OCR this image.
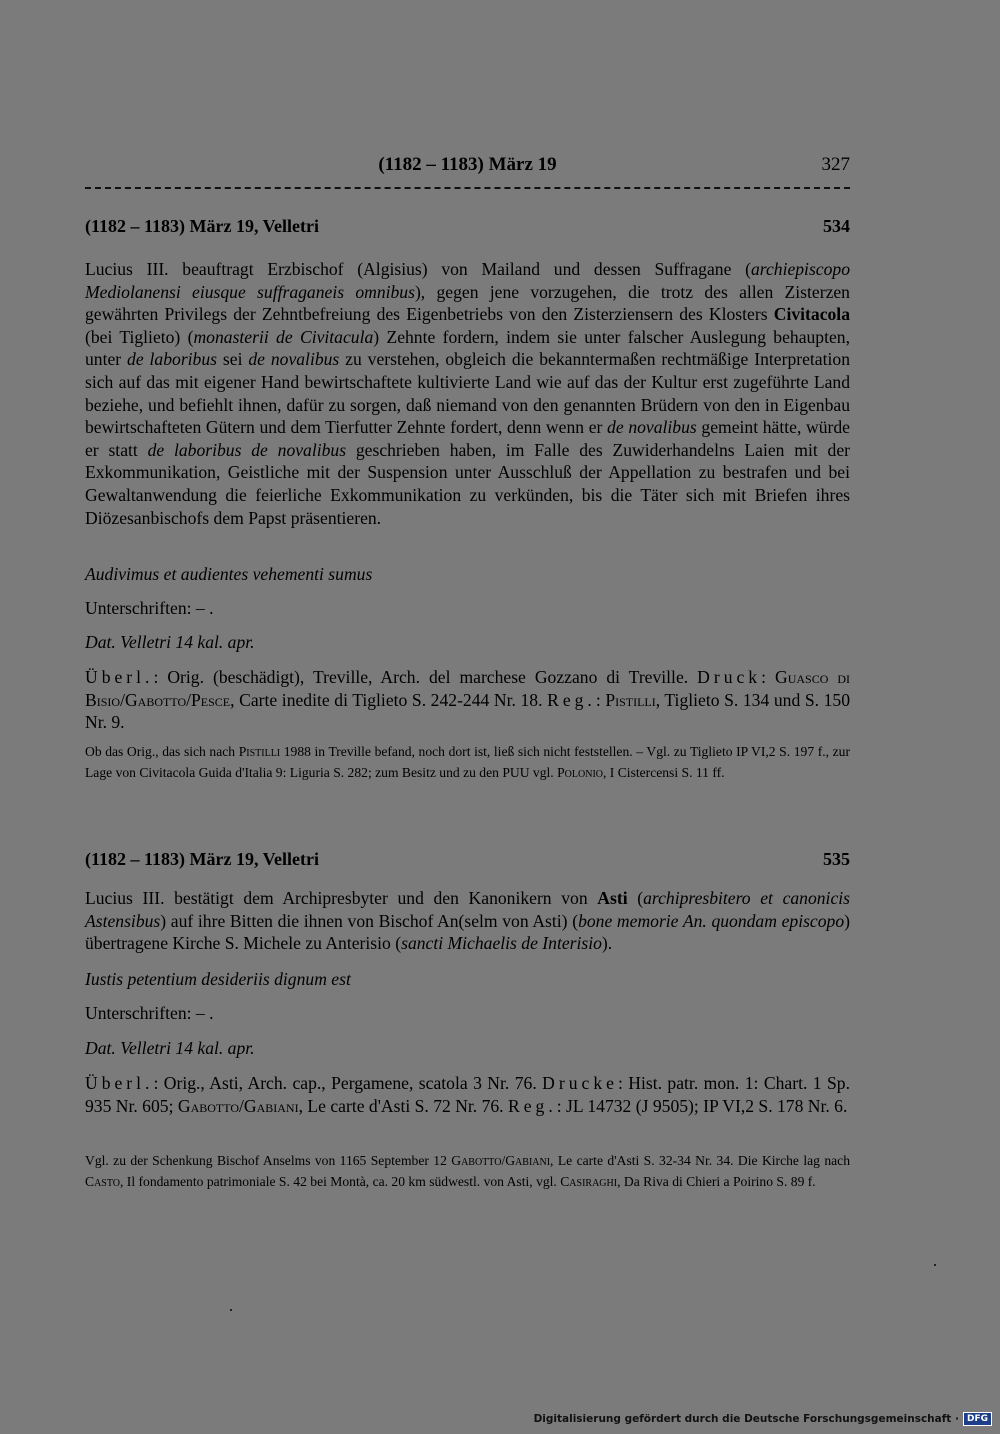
(1182 – 1183) März 19	327
(1182 – 1183) März 19, Velletri	534

Lucius III. beauftragt Erzbischof (Algisius) von Mailand und dessen Suffragane (archiepiscopo Mediolanensi eiusque suffraganeis omnibus), gegen jene vorzugehen, die trotz des allen Zisterzen gewährten Privilegs der Zehntbefreiung des Eigenbetriebs von den Zisterziensern des Klosters Civitacola (bei Tiglieto) (monasterii de Civitacula) Zehnte fordern, indem sie unter falscher Auslegung behaupten, unter de laboribus sei de novalibus zu verstehen, obgleich die bekanntermaßen rechtmäßige Interpretation sich auf das mit eigener Hand bewirtschaftete kultivierte Land wie auf das der Kultur erst zugeführte Land beziehe, und befiehlt ihnen, dafür zu sorgen, daß niemand von den genannten Brüdern von den in Eigenbau bewirtschafteten Gütern und dem Tierfutter Zehnte fordert, denn wenn er de novalibus gemeint hätte, würde er statt de laboribus de novalibus geschrieben haben, im Falle des Zuwiderhandelns Laien mit der Exkommunikation, Geistliche mit der Suspension unter Ausschluß der Appellation zu bestrafen und bei Gewaltanwendung die feierliche Exkommunikation zu verkünden, bis die Täter sich mit Briefen ihres Diözesanbischofs dem Papst präsentieren.

Audivimus et audientes vehementi sumus

Unterschriften: – .

Dat. Velletri 14 kal. apr.

Überl.: Orig. (beschädigt), Treville, Arch. del marchese Gozzano di Treville. Druck: Guasco di Bisio/Gabotto/Pesce, Carte inedite di Tiglieto S. 242-244 Nr. 18. Reg.: Pistilli, Tiglieto S. 134 und S. 150 Nr. 9.

Ob das Orig., das sich nach Pistilli 1988 in Treville befand, noch dort ist, ließ sich nicht feststellen. – Vgl. zu Tiglieto IP VI,2 S. 197 f., zur Lage von Civitacola Guida d'Italia 9: Liguria S. 282; zum Besitz und zu den PUU vgl. Polonio, I Cistercensi S. 11 ff.

(1182 – 1183) März 19, Velletri	535

Lucius III. bestätigt dem Archipresbyter und den Kanonikern von Asti (archipresbitero et canonicis Astensibus) auf ihre Bitten die ihnen von Bischof An(selm von Asti) (bone memorie An. quondam episcopo) übertragene Kirche S. Michele zu Anterisio (sancti Michaelis de Interisio).

Iustis petentium desideriis dignum est

Unterschriften: – .

Dat. Velletri 14 kal. apr.

Überl.: Orig., Asti, Arch. cap., Pergamene, scatola 3 Nr. 76. Drucke: Hist. patr. mon. 1: Chart. 1 Sp. 935 Nr. 605; Gabotto/Gabiani, Le carte d'Asti S. 72 Nr. 76. Reg.: JL 14732 (J 9505); IP VI,2 S. 178 Nr. 6.

Vgl. zu der Schenkung Bischof Anselms von 1165 September 12 Gabotto/Gabiani, Le carte d'Asti S. 32-34 Nr. 34. Die Kirche lag nach Casto, Il fondamento patrimoniale S. 42 bei Montà, ca. 20 km südwestl. von Asti, vgl. Casiraghi, Da Riva di Chieri a Poirino S. 89 f.

Digitalisierung gefördert durch die Deutsche Forschungsgemeinschaft · DFG
